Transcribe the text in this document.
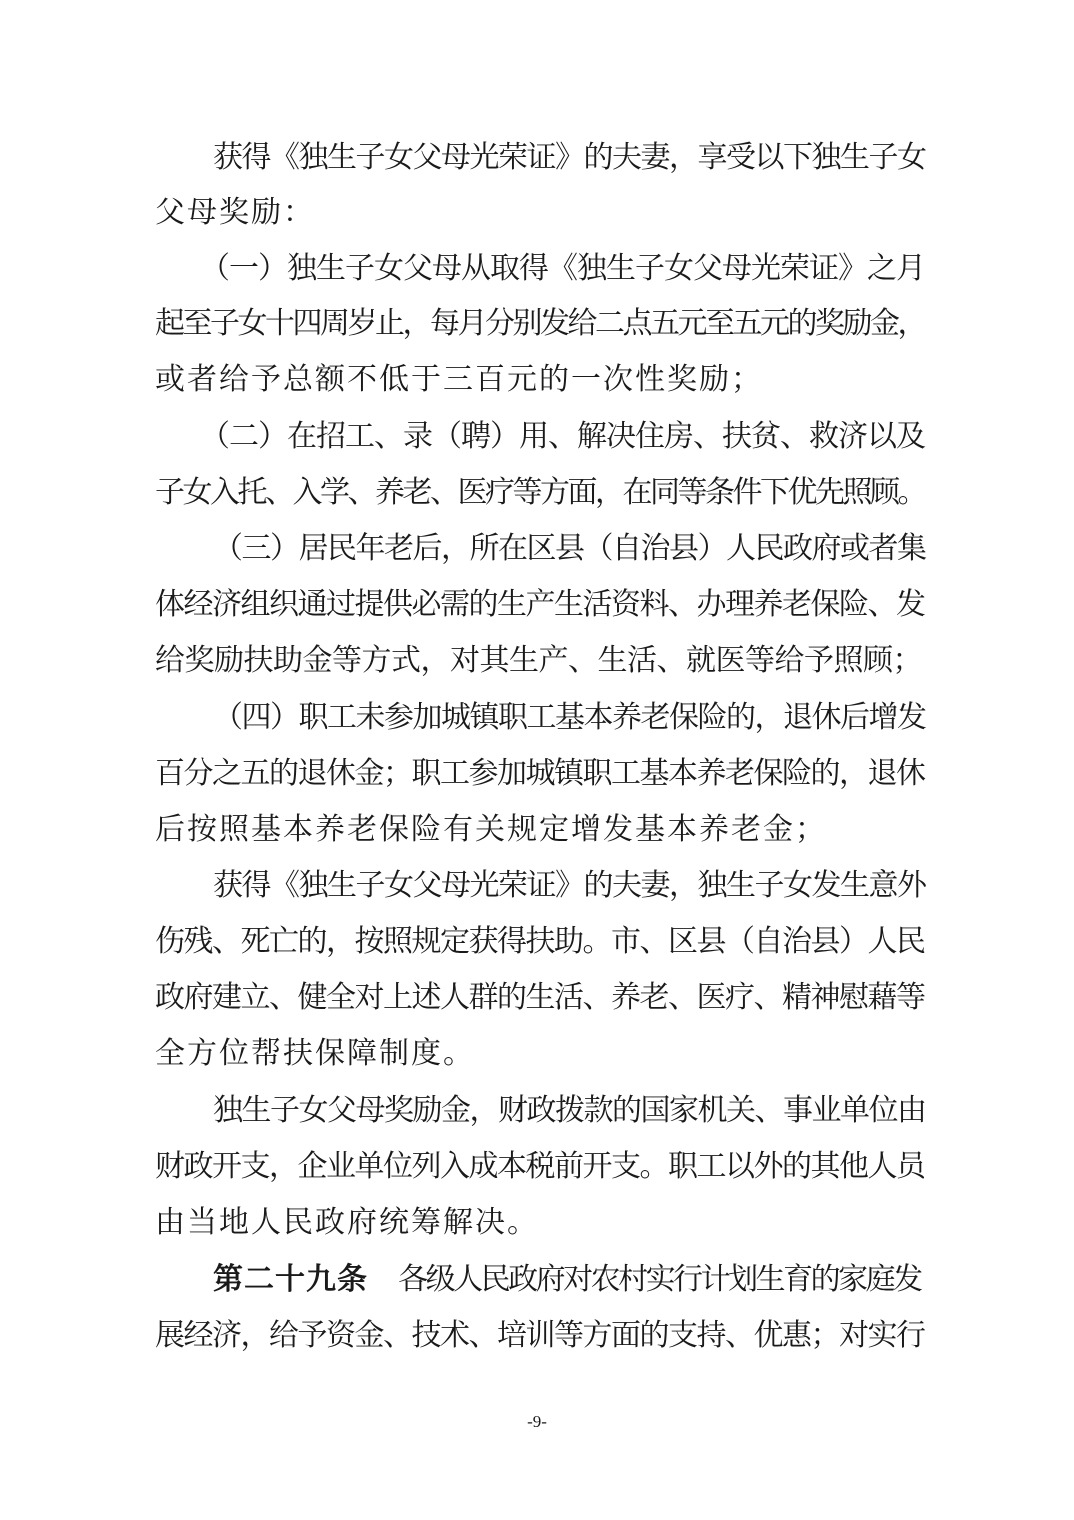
获得《独生子女父母光荣证》的夫妻，享受以下独生子女
父母奖励：
（一）独生子女父母从取得《独生子女父母光荣证》之月
起至子女十四周岁止，每月分别发给二点五元至五元的奖励金，
或者给予总额不低于三百元的一次性奖励；
（二）在招工、录（聘）用、解决住房、扶贫、救济以及
子女入托、入学、养老、医疗等方面，在同等条件下优先照顾。
（三）居民年老后，所在区县（自治县）人民政府或者集
体经济组织通过提供必需的生产生活资料、办理养老保险、发
给奖励扶助金等方式，对其生产、生活、就医等给予照顾；
（四）职工未参加城镇职工基本养老保险的，退休后增发
百分之五的退休金；职工参加城镇职工基本养老保险的，退休
后按照基本养老保险有关规定增发基本养老金；
获得《独生子女父母光荣证》的夫妻，独生子女发生意外
伤残、死亡的，按照规定获得扶助。市、区县（自治县）人民
政府建立、健全对上述人群的生活、养老、医疗、精神慰藉等
全方位帮扶保障制度。
独生子女父母奖励金，财政拨款的国家机关、事业单位由
财政开支，企业单位列入成本税前开支。职工以外的其他人员
由当地人民政府统筹解决。
第二十九条 各级人民政府对农村实行计划生育的家庭发
展经济，给予资金、技术、培训等方面的支持、优惠；对实行
-9-
